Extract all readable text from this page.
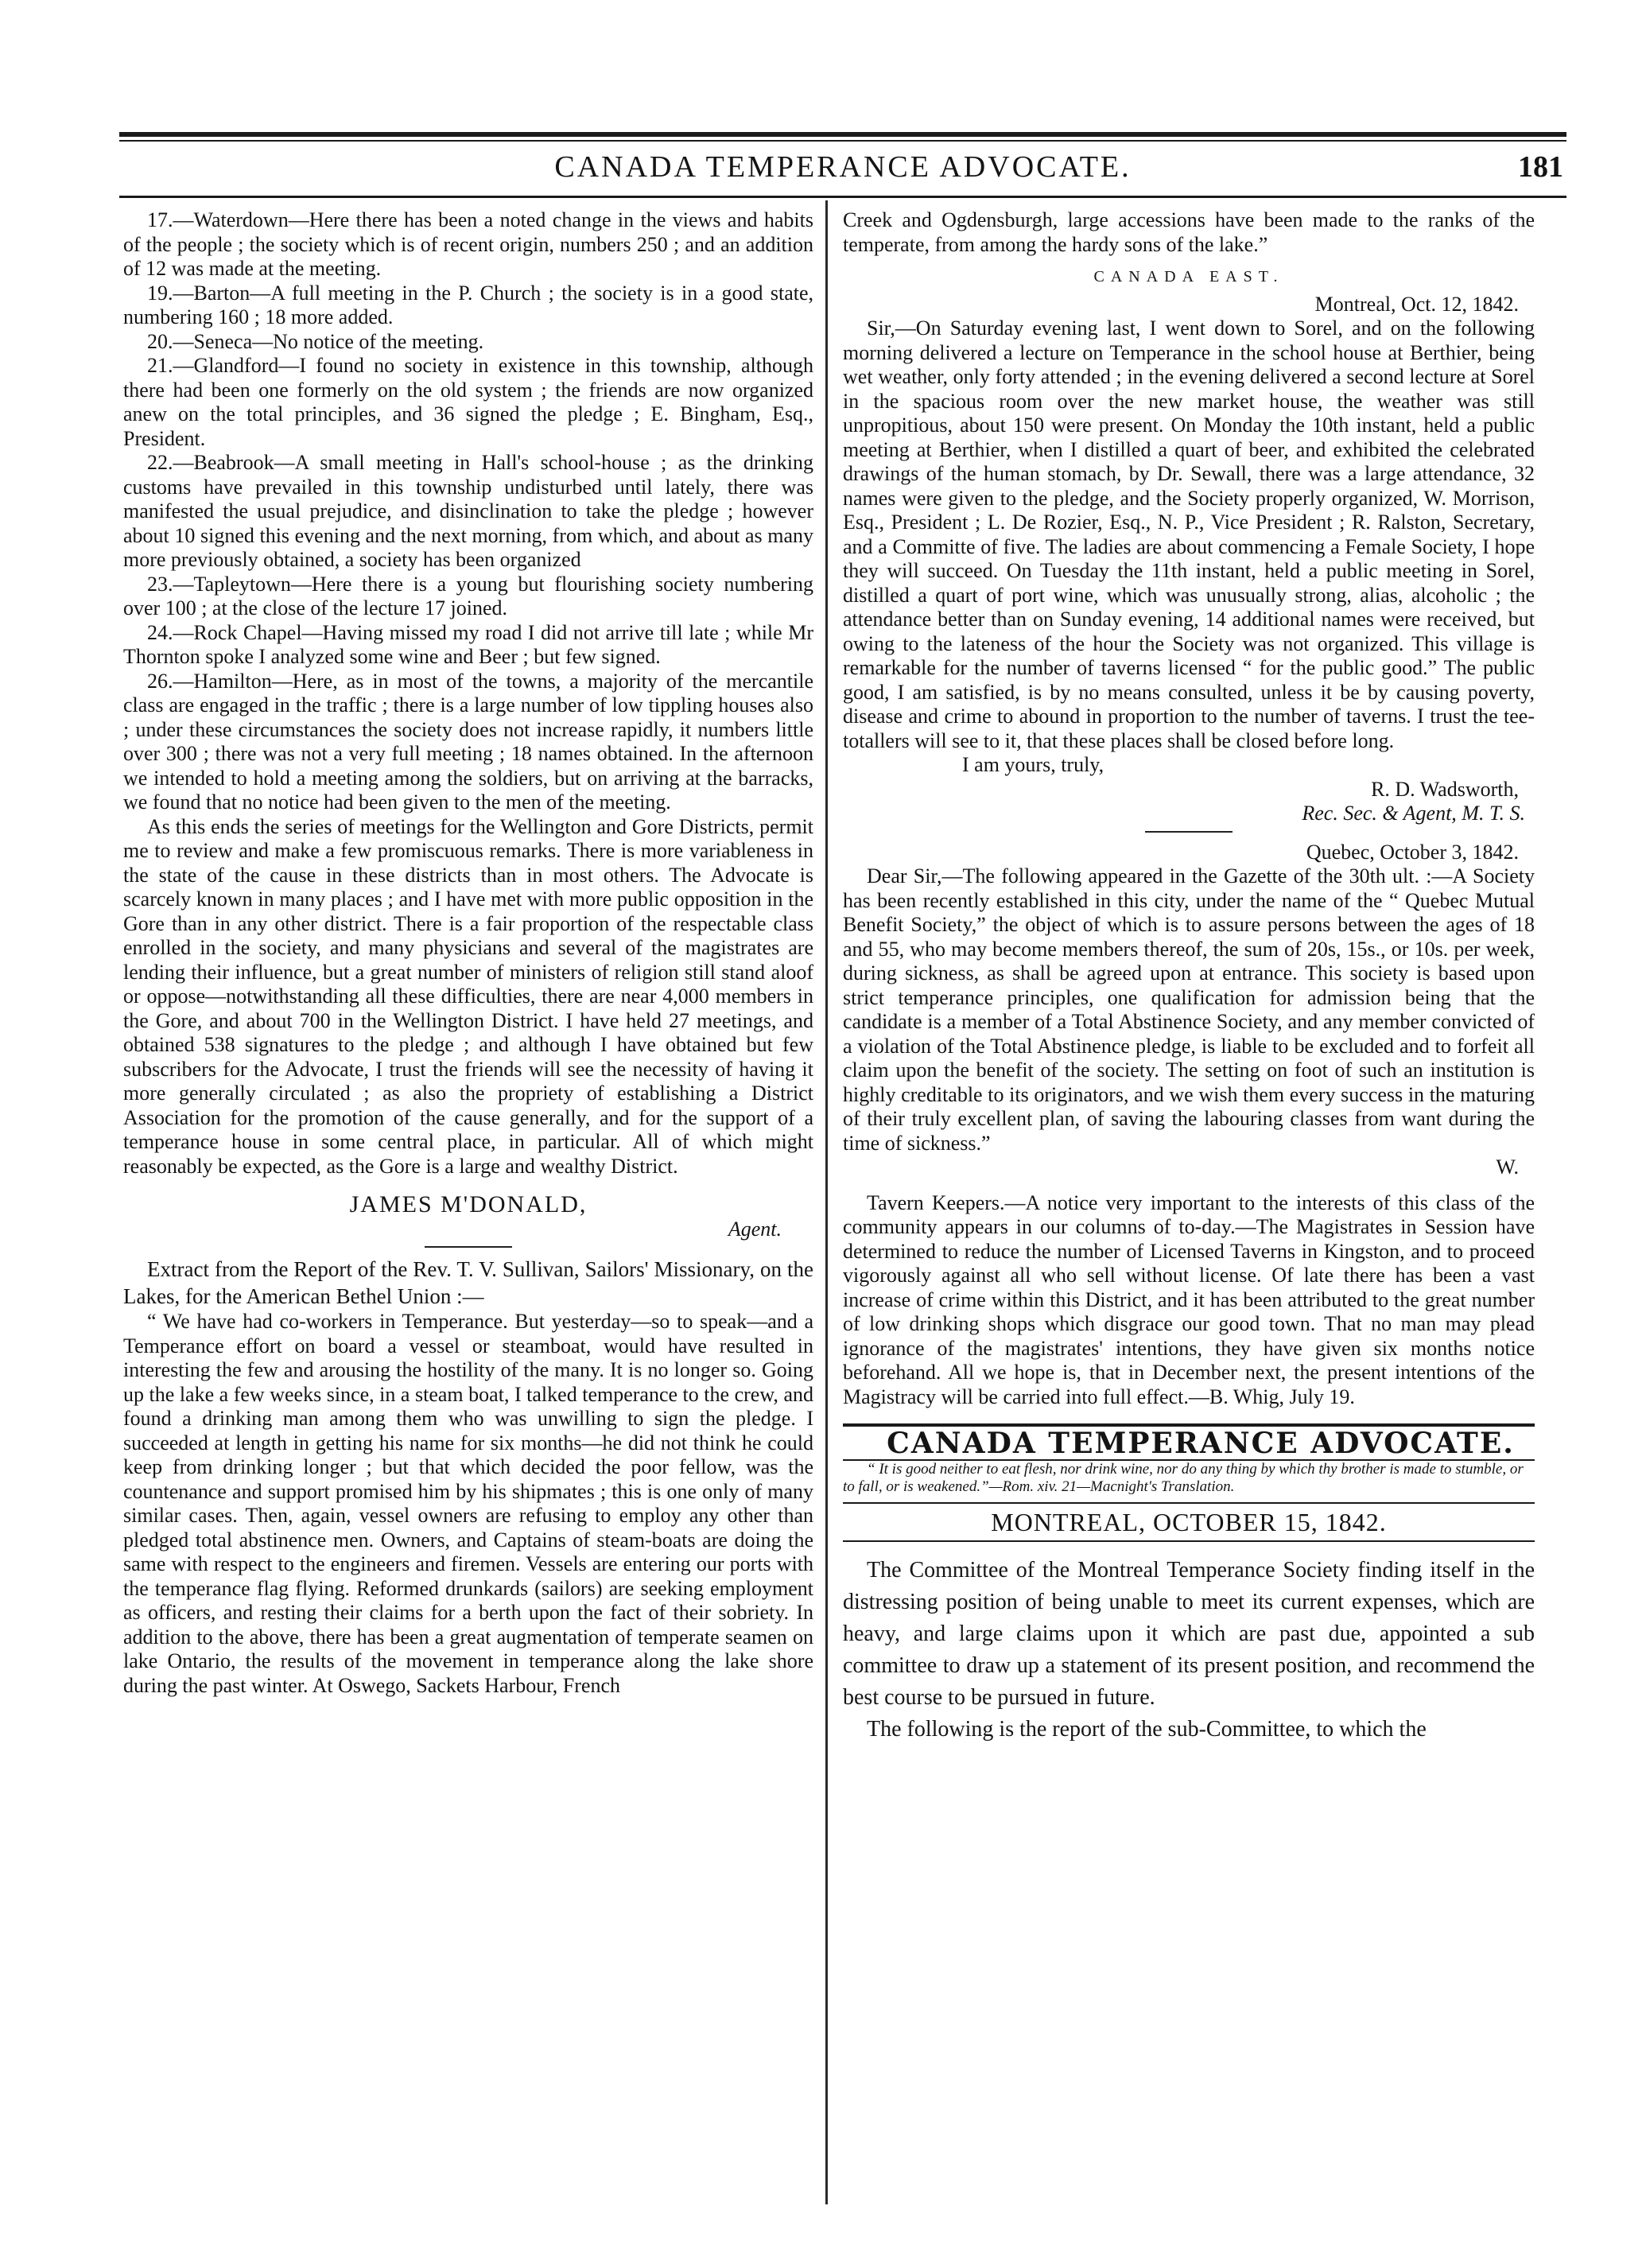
CANADA TEMPERANCE ADVOCATE.	181

17.—Waterdown—Here there has been a noted change in the views and habits of the people ; the society which is of recent origin, numbers 250 ; and an addition of 12 was made at the meeting.

19.—Barton—A full meeting in the P. Church ; the society is in a good state, numbering 160 ; 18 more added.

20.—Seneca—No notice of the meeting.

21.—Glandford—I found no society in existence in this township, although there had been one formerly on the old system ; the friends are now organized anew on the total principles, and 36 signed the pledge ; E. Bingham, Esq., President.

22.—Beabrook—A small meeting in Hall's school-house ; as the drinking customs have prevailed in this township undisturbed until lately, there was manifested the usual prejudice, and disinclination to take the pledge ; however about 10 signed this evening and the next morning, from which, and about as many more previously obtained, a society has been organized

23.—Tapleytown—Here there is a young but flourishing society numbering over 100 ; at the close of the lecture 17 joined.

24.—Rock Chapel—Having missed my road I did not arrive till late ; while Mr Thornton spoke I analyzed some wine and Beer ; but few signed.

26.—Hamilton—Here, as in most of the towns, a majority of the mercantile class are engaged in the traffic ; there is a large number of low tippling houses also ; under these circumstances the society does not increase rapidly, it numbers little over 300 ; there was not a very full meeting ; 18 names obtained. In the afternoon we intended to hold a meeting among the soldiers, but on arriving at the barracks, we found that no notice had been given to the men of the meeting.

As this ends the series of meetings for the Wellington and Gore Districts, permit me to review and make a few promiscuous remarks. There is more variableness in the state of the cause in these districts than in most others. The Advocate is scarcely known in many places ; and I have met with more public opposition in the Gore than in any other district. There is a fair proportion of the respectable class enrolled in the society, and many physicians and several of the magistrates are lending their influence, but a great number of ministers of religion still stand aloof or oppose—notwithstanding all these difficulties, there are near 4,000 members in the Gore, and about 700 in the Wellington District. I have held 27 meetings, and obtained 538 signatures to the pledge ; and although I have obtained but few subscribers for the Advocate, I trust the friends will see the necessity of having it more generally circulated ; as also the propriety of establishing a District Association for the promotion of the cause generally, and for the support of a temperance house in some central place, in particular. All of which might reasonably be expected, as the Gore is a large and wealthy District.

JAMES M'DONALD,
Agent.

Extract from the Report of the Rev. T. V. Sullivan, Sailors' Missionary, on the Lakes, for the American Bethel Union :—

“ We have had co-workers in Temperance. But yesterday—so to speak—and a Temperance effort on board a vessel or steamboat, would have resulted in interesting the few and arousing the hostility of the many. It is no longer so. Going up the lake a few weeks since, in a steam boat, I talked temperance to the crew, and found a drinking man among them who was unwilling to sign the pledge. I succeeded at length in getting his name for six months—he did not think he could keep from drinking longer ; but that which decided the poor fellow, was the countenance and support promised him by his shipmates ; this is one only of many similar cases. Then, again, vessel owners are refusing to employ any other than pledged total abstinence men. Owners, and Captains of steam-boats are doing the same with respect to the engineers and firemen. Vessels are entering our ports with the temperance flag flying. Reformed drunkards (sailors) are seeking employment as officers, and resting their claims for a berth upon the fact of their sobriety. In addition to the above, there has been a great augmentation of temperate seamen on lake Ontario, the results of the movement in temperance along the lake shore during the past winter. At Oswego, Sackets Harbour, French

Creek and Ogdensburgh, large accessions have been made to the ranks of the temperate, from among the hardy sons of the lake.”

CANADA EAST.

Montreal, Oct. 12, 1842.

Sir,—On Saturday evening last, I went down to Sorel, and on the following morning delivered a lecture on Temperance in the school house at Berthier, being wet weather, only forty attended ; in the evening delivered a second lecture at Sorel in the spacious room over the new market house, the weather was still unpropitious, about 150 were present. On Monday the 10th instant, held a public meeting at Berthier, when I distilled a quart of beer, and exhibited the celebrated drawings of the human stomach, by Dr. Sewall, there was a large attendance, 32 names were given to the pledge, and the Society properly organized, W. Morrison, Esq., President ; L. De Rozier, Esq., N. P., Vice President ; R. Ralston, Secretary, and a Committe of five. The ladies are about commencing a Female Society, I hope they will succeed. On Tuesday the 11th instant, held a public meeting in Sorel, distilled a quart of port wine, which was unusually strong, alias, alcoholic ; the attendance better than on Sunday evening, 14 additional names were received, but owing to the lateness of the hour the Society was not organized. This village is remarkable for the number of taverns licensed “ for the public good.” The public good, I am satisfied, is by no means consulted, unless it be by causing poverty, disease and crime to abound in proportion to the number of taverns. I trust the tee-totallers will see to it, that these places shall be closed before long.

I am yours, truly,

R. D. Wadsworth,

Rec. Sec. & Agent, M. T. S.

Quebec, October 3, 1842.

Dear Sir,—The following appeared in the Gazette of the 30th ult. :—A Society has been recently established in this city, under the name of the “ Quebec Mutual Benefit Society,” the object of which is to assure persons between the ages of 18 and 55, who may become members thereof, the sum of 20s, 15s., or 10s. per week, during sickness, as shall be agreed upon at entrance. This society is based upon strict temperance principles, one qualification for admission being that the candidate is a member of a Total Abstinence Society, and any member convicted of a violation of the Total Abstinence pledge, is liable to be excluded and to forfeit all claim upon the benefit of the society. The setting on foot of such an institution is highly creditable to its originators, and we wish them every success in the maturing of their truly excellent plan, of saving the labouring classes from want during the time of sickness.”

W.

Tavern Keepers.—A notice very important to the interests of this class of the community appears in our columns of to-day.—The Magistrates in Session have determined to reduce the number of Licensed Taverns in Kingston, and to proceed vigorously against all who sell without license. Of late there has been a vast increase of crime within this District, and it has been attributed to the great number of low drinking shops which disgrace our good town. That no man may plead ignorance of the magistrates' intentions, they have given six months notice beforehand. All we hope is, that in December next, the present intentions of the Magistracy will be carried into full effect.—B. Whig, July 19.

CANADA TEMPERANCE ADVOCATE.

“ It is good neither to eat flesh, nor drink wine, nor do any thing by which thy brother is made to stumble, or to fall, or is weakened.”—Rom. xiv. 21—Macnight's Translation.

MONTREAL, OCTOBER 15, 1842.

The Committee of the Montreal Temperance Society finding itself in the distressing position of being unable to meet its current expenses, which are heavy, and large claims upon it which are past due, appointed a sub committee to draw up a statement of its present position, and recommend the best course to be pursued in future.

The following is the report of the sub-Committee, to which the
